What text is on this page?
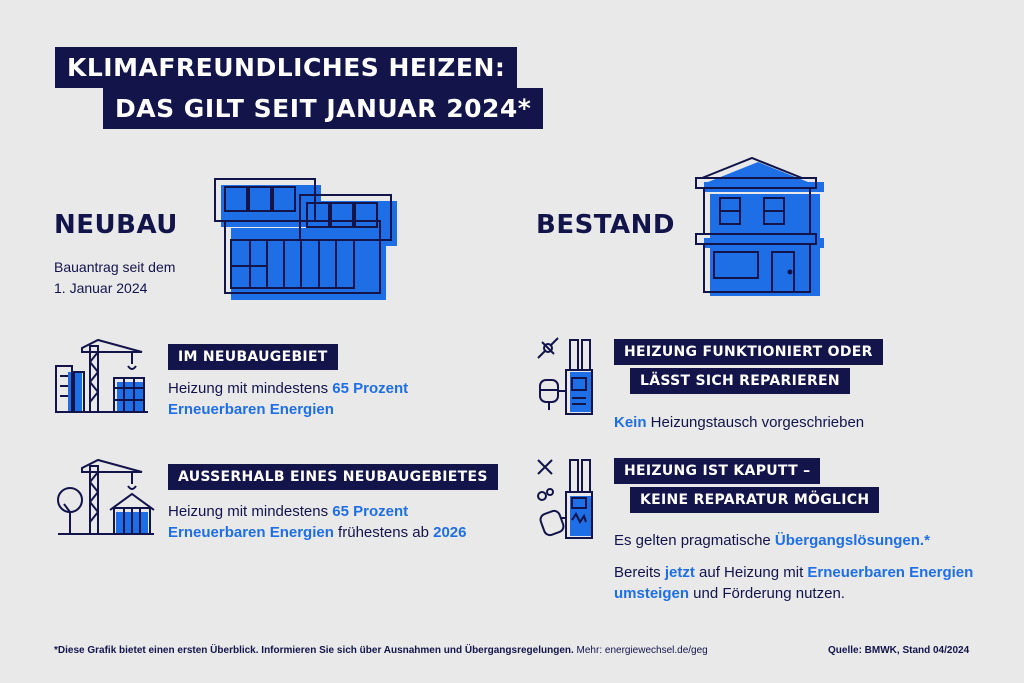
KLIMAFREUNDLICHES HEIZEN:
DAS GILT SEIT JANUAR 2024*
NEUBAU
Bauantrag seit dem
1. Januar 2024
IM NEUBAUGEBIET
Heizung mit mindestens 65 Prozent
Erneuerbaren Energien
AUSSERHALB EINES NEUBAUGEBIETES
Heizung mit mindestens 65 Prozent
Erneuerbaren Energien frühestens ab 2026
BESTAND
HEIZUNG FUNKTIONIERT ODER
LÄSST SICH REPARIEREN
Kein Heizungstausch vorgeschrieben
HEIZUNG IST KAPUTT –
KEINE REPARATUR MÖGLICH
Es gelten pragmatische Übergangslösungen.*
Bereits jetzt auf Heizung mit Erneuerbaren Energien
umsteigen und Förderung nutzen.
*Diese Grafik bietet einen ersten Überblick. Informieren Sie sich über Ausnahmen und Übergangsregelungen. Mehr: energiewechsel.de/geg	Quelle: BMWK, Stand 04/2024
